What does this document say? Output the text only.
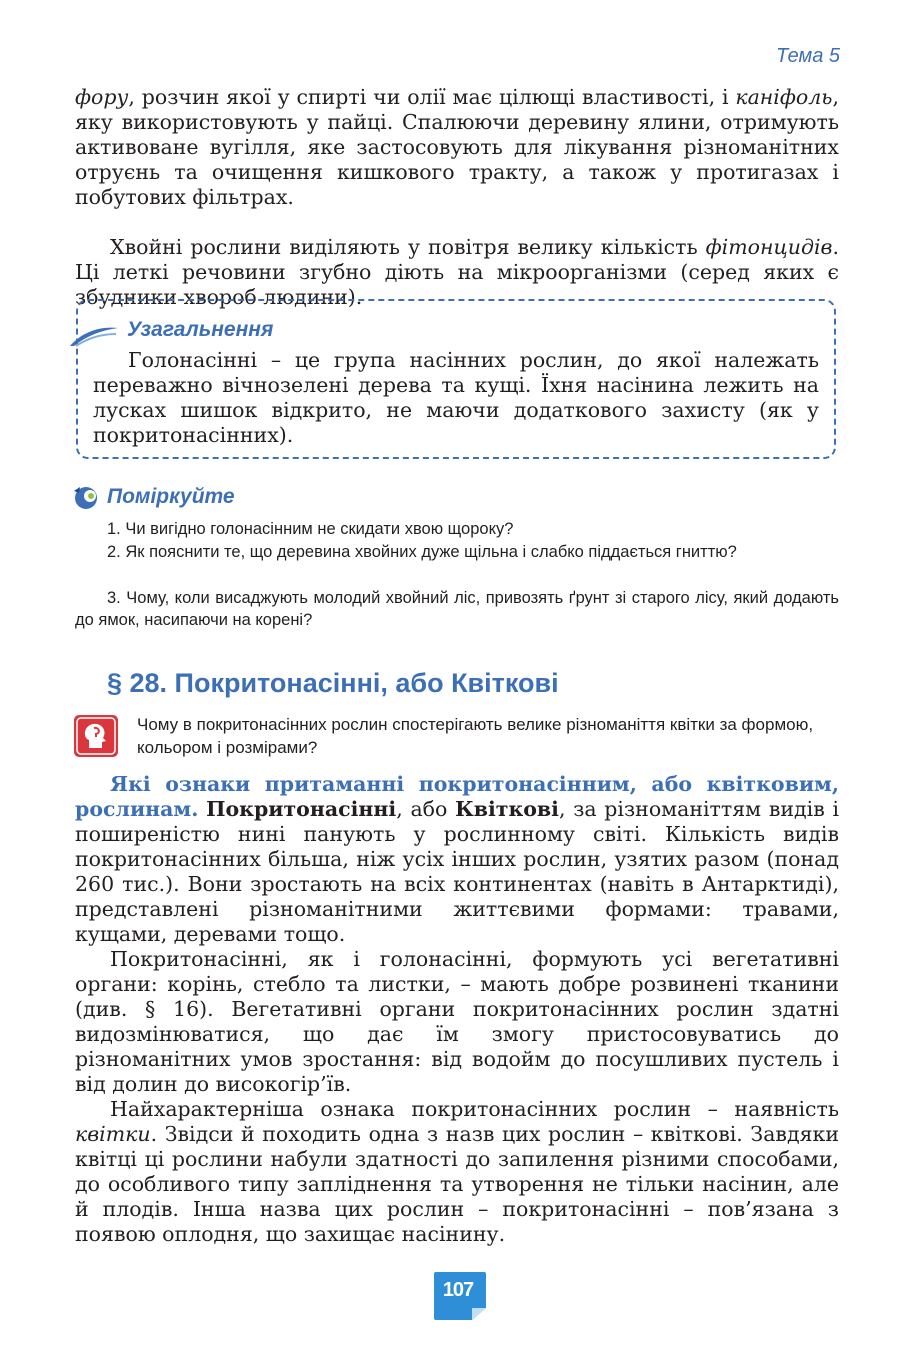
Тема 5

фору, розчин якої у спирті чи олії має цілющі властивості, і каніфоль, яку використовують у пайці. Спалюючи деревину ялини, отримують активоване вугілля, яке застосовують для лікування різноманітних отруєнь та очищення кишкового тракту, а також у протигазах і побутових фільтрах.

Хвойні рослини виділяють у повітря велику кількість фітонцидів. Ці леткі речовини згубно діють на мікроорганізми (серед яких є збудники хвороб людини).

Узагальнення

Голонасінні – це група насінних рослин, до якої належать переважно вічнозелені дерева та кущі. Їхня насінина лежить на лусках шишок відкрито, не маючи додаткового захисту (як у покритонасінних).

Поміркуйте

1. Чи вигідно голонасінним не скидати хвою щороку?

2. Як пояснити те, що деревина хвойних дуже щільна і слабко піддається гниттю?

3. Чому, коли висаджують молодий хвойний ліс, привозять ґрунт зі старого лісу, який додають до ямок, насипаючи на корені?

§ 28. Покритонасінні, або Квіткові

Чому в покритонасінних рослин спостерігають велике різноманіття квітки за формою, кольором і розмірами?

Які ознаки притаманні покритонасінним, або квітковим, рослинам. Покритонасінні, або Квіткові, за різноманіттям видів і поширеністю нині панують у рослинному світі. Кількість видів покритонасінних більша, ніж усіх інших рослин, узятих разом (понад 260 тис.). Вони зростають на всіх континентах (навіть в Антарктиді), представлені різноманітними життєвими формами: травами, кущами, деревами тощо.

Покритонасінні, як і голонасінні, формують усі вегетативні органи: корінь, стебло та листки, – мають добре розвинені тканини (див. § 16). Вегетативні органи покритонасінних рослин здатні видозмінюватися, що дає їм змогу пристосовуватись до різноманітних умов зростання: від водойм до посушливих пустель і від долин до високогір’їв.

Найхарактерніша ознака покритонасінних рослин – наявність квітки. Звідси й походить одна з назв цих рослин – квіткові. Завдяки квітці ці рослини набули здатності до запилення різними способами, до особливого типу запліднення та утворення не тільки насінин, але й плодів. Інша назва цих рослин – покритонасінні – пов’язана з появою оплодня, що захищає насінину.

107
